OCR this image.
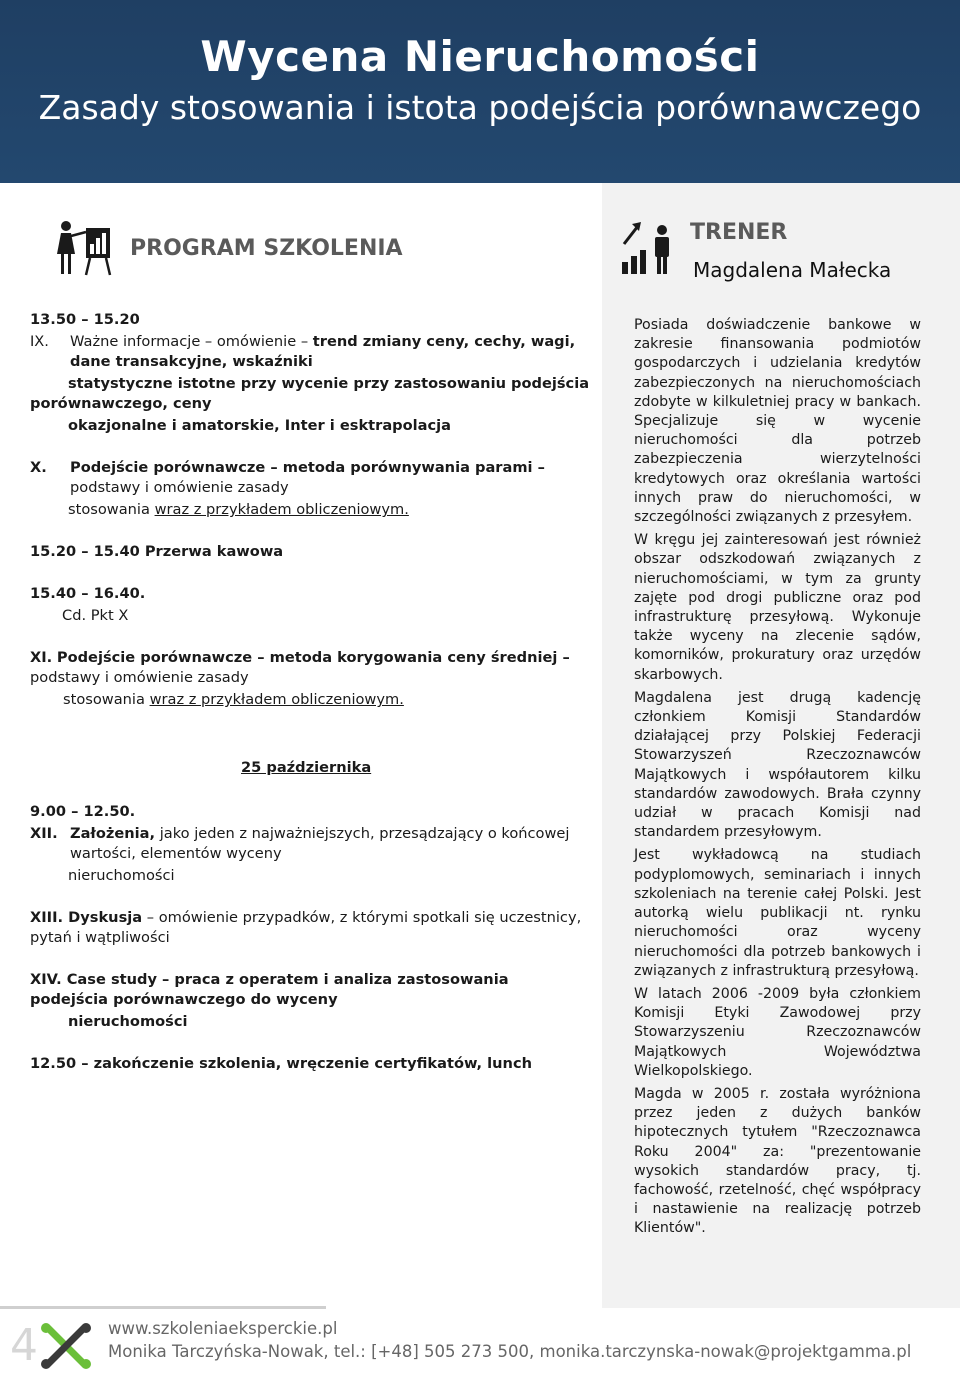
Wycena Nieruchomości
Zasady stosowania i istota podejścia porównawczego
PROGRAM SZKOLENIA
TRENER
Magdalena Małecka

13.50 – 15.20

IX.	Ważne informacje – omówienie – trend zmiany ceny, cechy, wagi, dane transakcyjne, wskaźniki

statystyczne istotne przy wycenie przy zastosowaniu podejścia porównawczego, ceny

okazjonalne i amatorskie, Inter i esktrapolacja

X.	Podejście porównawcze – metoda porównywania parami –
podstawy i omówienie zasady

stosowania wraz z przykładem obliczeniowym.

15.20 – 15.40 Przerwa kawowa

15.40 – 16.40.

Cd. Pkt X

XI. Podejście porównawcze – metoda korygowania ceny średniej – podstawy i omówienie zasady

stosowania wraz z przykładem obliczeniowym.

25 października

9.00 – 12.50.

XII. Założenia, jako jeden z najważniejszych, przesądzający o końcowej wartości, elementów wyceny

nieruchomości

XIII. Dyskusja – omówienie przypadków, z którymi spotkali się uczestnicy, pytań i wątpliwości

XIV. Case study – praca z operatem i analiza zastosowania podejścia porównawczego do wyceny

nieruchomości

12.50 – zakończenie szkolenia, wręczenie certyfikatów, lunch

Posiada doświadczenie bankowe w zakresie finansowania podmiotów gospodarczych i udzielania kredytów zabezpieczonych na nieruchomościach zdobyte w kilkuletniej pracy w bankach. Specjalizuje się w wycenie nieruchomości dla potrzeb zabezpieczenia wierzytelności kredytowych oraz określania wartości innych praw do nieruchomości, w szczególności związanych z przesyłem.

W kręgu jej zainteresowań jest również obszar odszkodowań związanych z nieruchomościami, w tym za grunty zajęte pod drogi publiczne oraz pod infrastrukturę przesyłową. Wykonuje także wyceny na zlecenie sądów, komorników, prokuratury oraz urzędów skarbowych.

Magdalena jest drugą kadencję członkiem Komisji Standardów działającej przy Polskiej Federacji Stowarzyszeń Rzeczoznawców Majątkowych i współautorem kilku standardów zawodowych. Brała czynny udział w pracach Komisji nad standardem przesyłowym.

Jest wykładowcą na studiach podyplomowych, seminariach i innych szkoleniach na terenie całej Polski. Jest autorką wielu publikacji nt. rynku nieruchomości oraz wyceny nieruchomości dla potrzeb bankowych i związanych z infrastrukturą przesyłową.

W latach 2006 -2009 była członkiem Komisji Etyki Zawodowej przy Stowarzyszeniu Rzeczoznawców Majątkowych Województwa Wielkopolskiego.

Magda w 2005 r. została wyróżniona przez jeden z dużych banków hipotecznych tytułem "Rzeczoznawca Roku 2004" za: "prezentowanie wysokich standardów pracy, tj. fachowość, rzetelność, chęć współpracy i nastawienie na realizację potrzeb Klientów".

4	www.szkoleniaeksperckie.pl
Monika Tarczyńska-Nowak, tel.: [+48] 505 273 500, monika.tarczynska-nowak@projektgamma.pl
